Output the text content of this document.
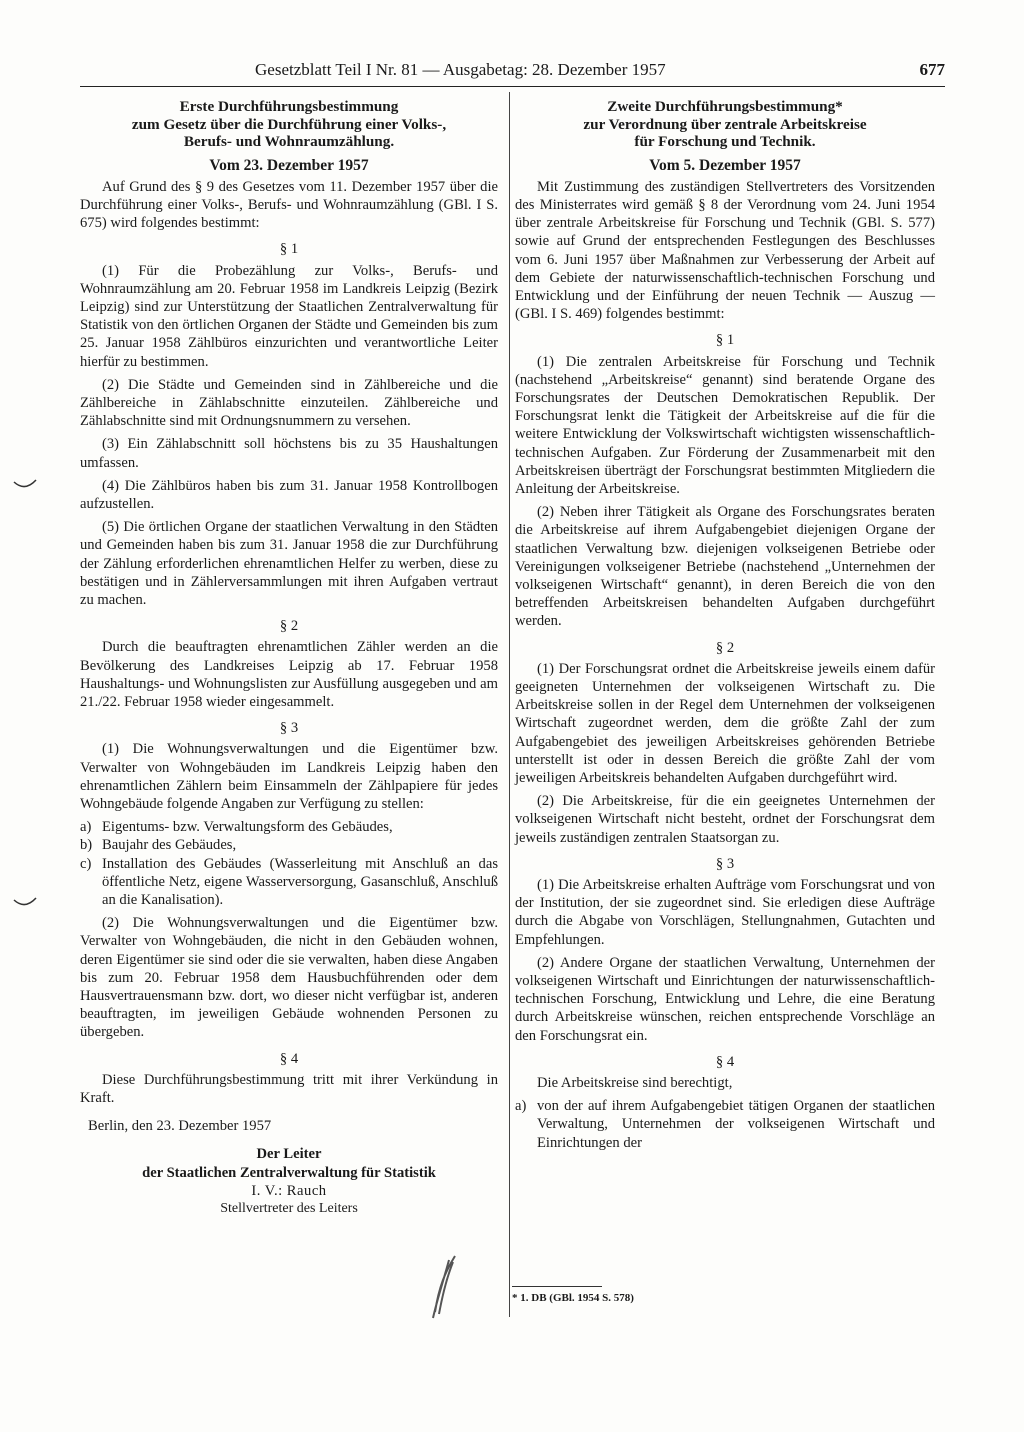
Gesetzblatt Teil I Nr. 81 — Ausgabetag: 28. Dezember 1957	677
Erste Durchführungsbestimmung
zum Gesetz über die Durchführung einer Volks-,
Berufs- und Wohnraumzählung.
Vom 23. Dezember 1957

Auf Grund des § 9 des Gesetzes vom 11. Dezember 1957 über die Durchführung einer Volks-, Berufs- und Wohnraumzählung (GBl. I S. 675) wird folgendes bestimmt:

§ 1

(1) Für die Probezählung zur Volks-, Berufs- und Wohnraumzählung am 20. Februar 1958 im Landkreis Leipzig (Bezirk Leipzig) sind zur Unterstützung der Staatlichen Zentralverwaltung für Statistik von den örtlichen Organen der Städte und Gemeinden bis zum 25. Januar 1958 Zählbüros einzurichten und verantwortliche Leiter hierfür zu bestimmen.

(2) Die Städte und Gemeinden sind in Zählbereiche und die Zählbereiche in Zählabschnitte einzuteilen. Zählbereiche und Zählabschnitte sind mit Ordnungsnummern zu versehen.

(3) Ein Zählabschnitt soll höchstens bis zu 35 Haushaltungen umfassen.

(4) Die Zählbüros haben bis zum 31. Januar 1958 Kontrollbogen aufzustellen.

(5) Die örtlichen Organe der staatlichen Verwaltung in den Städten und Gemeinden haben bis zum 31. Januar 1958 die zur Durchführung der Zählung erforderlichen ehrenamtlichen Helfer zu werben, diese zu bestätigen und in Zählerversammlungen mit ihren Aufgaben vertraut zu machen.

§ 2

Durch die beauftragten ehrenamtlichen Zähler werden an die Bevölkerung des Landkreises Leipzig ab 17. Februar 1958 Haushaltungs- und Wohnungslisten zur Ausfüllung ausgegeben und am 21./22. Februar 1958 wieder eingesammelt.

§ 3

(1) Die Wohnungsverwaltungen und die Eigentümer bzw. Verwalter von Wohngebäuden im Landkreis Leipzig haben den ehrenamtlichen Zählern beim Einsammeln der Zählpapiere für jedes Wohngebäude folgende Angaben zur Verfügung zu stellen:

a) Eigentums- bzw. Verwaltungsform des Gebäudes,
b) Baujahr des Gebäudes,
c) Installation des Gebäudes (Wasserleitung mit Anschluß an das öffentliche Netz, eigene Wasserversorgung, Gasanschluß, Anschluß an die Kanalisation).

(2) Die Wohnungsverwaltungen und die Eigentümer bzw. Verwalter von Wohngebäuden, die nicht in den Gebäuden wohnen, deren Eigentümer sie sind oder die sie verwalten, haben diese Angaben bis zum 20. Februar 1958 dem Hausbuchführenden oder dem Hausvertrauensmann bzw. dort, wo dieser nicht verfügbar ist, anderen beauftragten, im jeweiligen Gebäude wohnenden Personen zu übergeben.

§ 4

Diese Durchführungsbestimmung tritt mit ihrer Verkündung in Kraft.

Berlin, den 23. Dezember 1957
Der Leiter
der Staatlichen Zentralverwaltung für Statistik
I. V.: Rauch
Stellvertreter des Leiters
Zweite Durchführungsbestimmung*
zur Verordnung über zentrale Arbeitskreise
für Forschung und Technik.
Vom 5. Dezember 1957

Mit Zustimmung des zuständigen Stellvertreters des Vorsitzenden des Ministerrates wird gemäß § 8 der Verordnung vom 24. Juni 1954 über zentrale Arbeitskreise für Forschung und Technik (GBl. S. 577) sowie auf Grund der entsprechenden Festlegungen des Beschlusses vom 6. Juni 1957 über Maßnahmen zur Verbesserung der Arbeit auf dem Gebiete der naturwissenschaftlich-technischen Forschung und Entwicklung und der Einführung der neuen Technik — Auszug — (GBl. I S. 469) folgendes bestimmt:

§ 1

(1) Die zentralen Arbeitskreise für Forschung und Technik (nachstehend „Arbeitskreise“ genannt) sind beratende Organe des Forschungsrates der Deutschen Demokratischen Republik. Der Forschungsrat lenkt die Tätigkeit der Arbeitskreise auf die für die weitere Entwicklung der Volkswirtschaft wichtigsten wissenschaftlich-technischen Aufgaben. Zur Förderung der Zusammenarbeit mit den Arbeitskreisen überträgt der Forschungsrat bestimmten Mitgliedern die Anleitung der Arbeitskreise.

(2) Neben ihrer Tätigkeit als Organe des Forschungsrates beraten die Arbeitskreise auf ihrem Aufgabengebiet diejenigen Organe der staatlichen Verwaltung bzw. diejenigen volkseigenen Betriebe oder Vereinigungen volkseigener Betriebe (nachstehend „Unternehmen der volkseigenen Wirtschaft“ genannt), in deren Bereich die von den betreffenden Arbeitskreisen behandelten Aufgaben durchgeführt werden.

§ 2

(1) Der Forschungsrat ordnet die Arbeitskreise jeweils einem dafür geeigneten Unternehmen der volkseigenen Wirtschaft zu. Die Arbeitskreise sollen in der Regel dem Unternehmen der volkseigenen Wirtschaft zugeordnet werden, dem die größte Zahl der zum Aufgabengebiet des jeweiligen Arbeitskreises gehörenden Betriebe unterstellt ist oder in dessen Bereich die größte Zahl der vom jeweiligen Arbeitskreis behandelten Aufgaben durchgeführt wird.

(2) Die Arbeitskreise, für die ein geeignetes Unternehmen der volkseigenen Wirtschaft nicht besteht, ordnet der Forschungsrat dem jeweils zuständigen zentralen Staatsorgan zu.

§ 3

(1) Die Arbeitskreise erhalten Aufträge vom Forschungsrat und von der Institution, der sie zugeordnet sind. Sie erledigen diese Aufträge durch die Abgabe von Vorschlägen, Stellungnahmen, Gutachten und Empfehlungen.

(2) Andere Organe der staatlichen Verwaltung, Unternehmen der volkseigenen Wirtschaft und Einrichtungen der naturwissenschaftlich-technischen Forschung, Entwicklung und Lehre, die eine Beratung durch Arbeitskreise wünschen, reichen entsprechende Vorschläge an den Forschungsrat ein.

§ 4

Die Arbeitskreise sind berechtigt,

a) von der auf ihrem Aufgabengebiet tätigen Organen der staatlichen Verwaltung, Unternehmen der volkseigenen Wirtschaft und Einrichtungen der
* 1. DB (GBl. 1954 S. 578)
